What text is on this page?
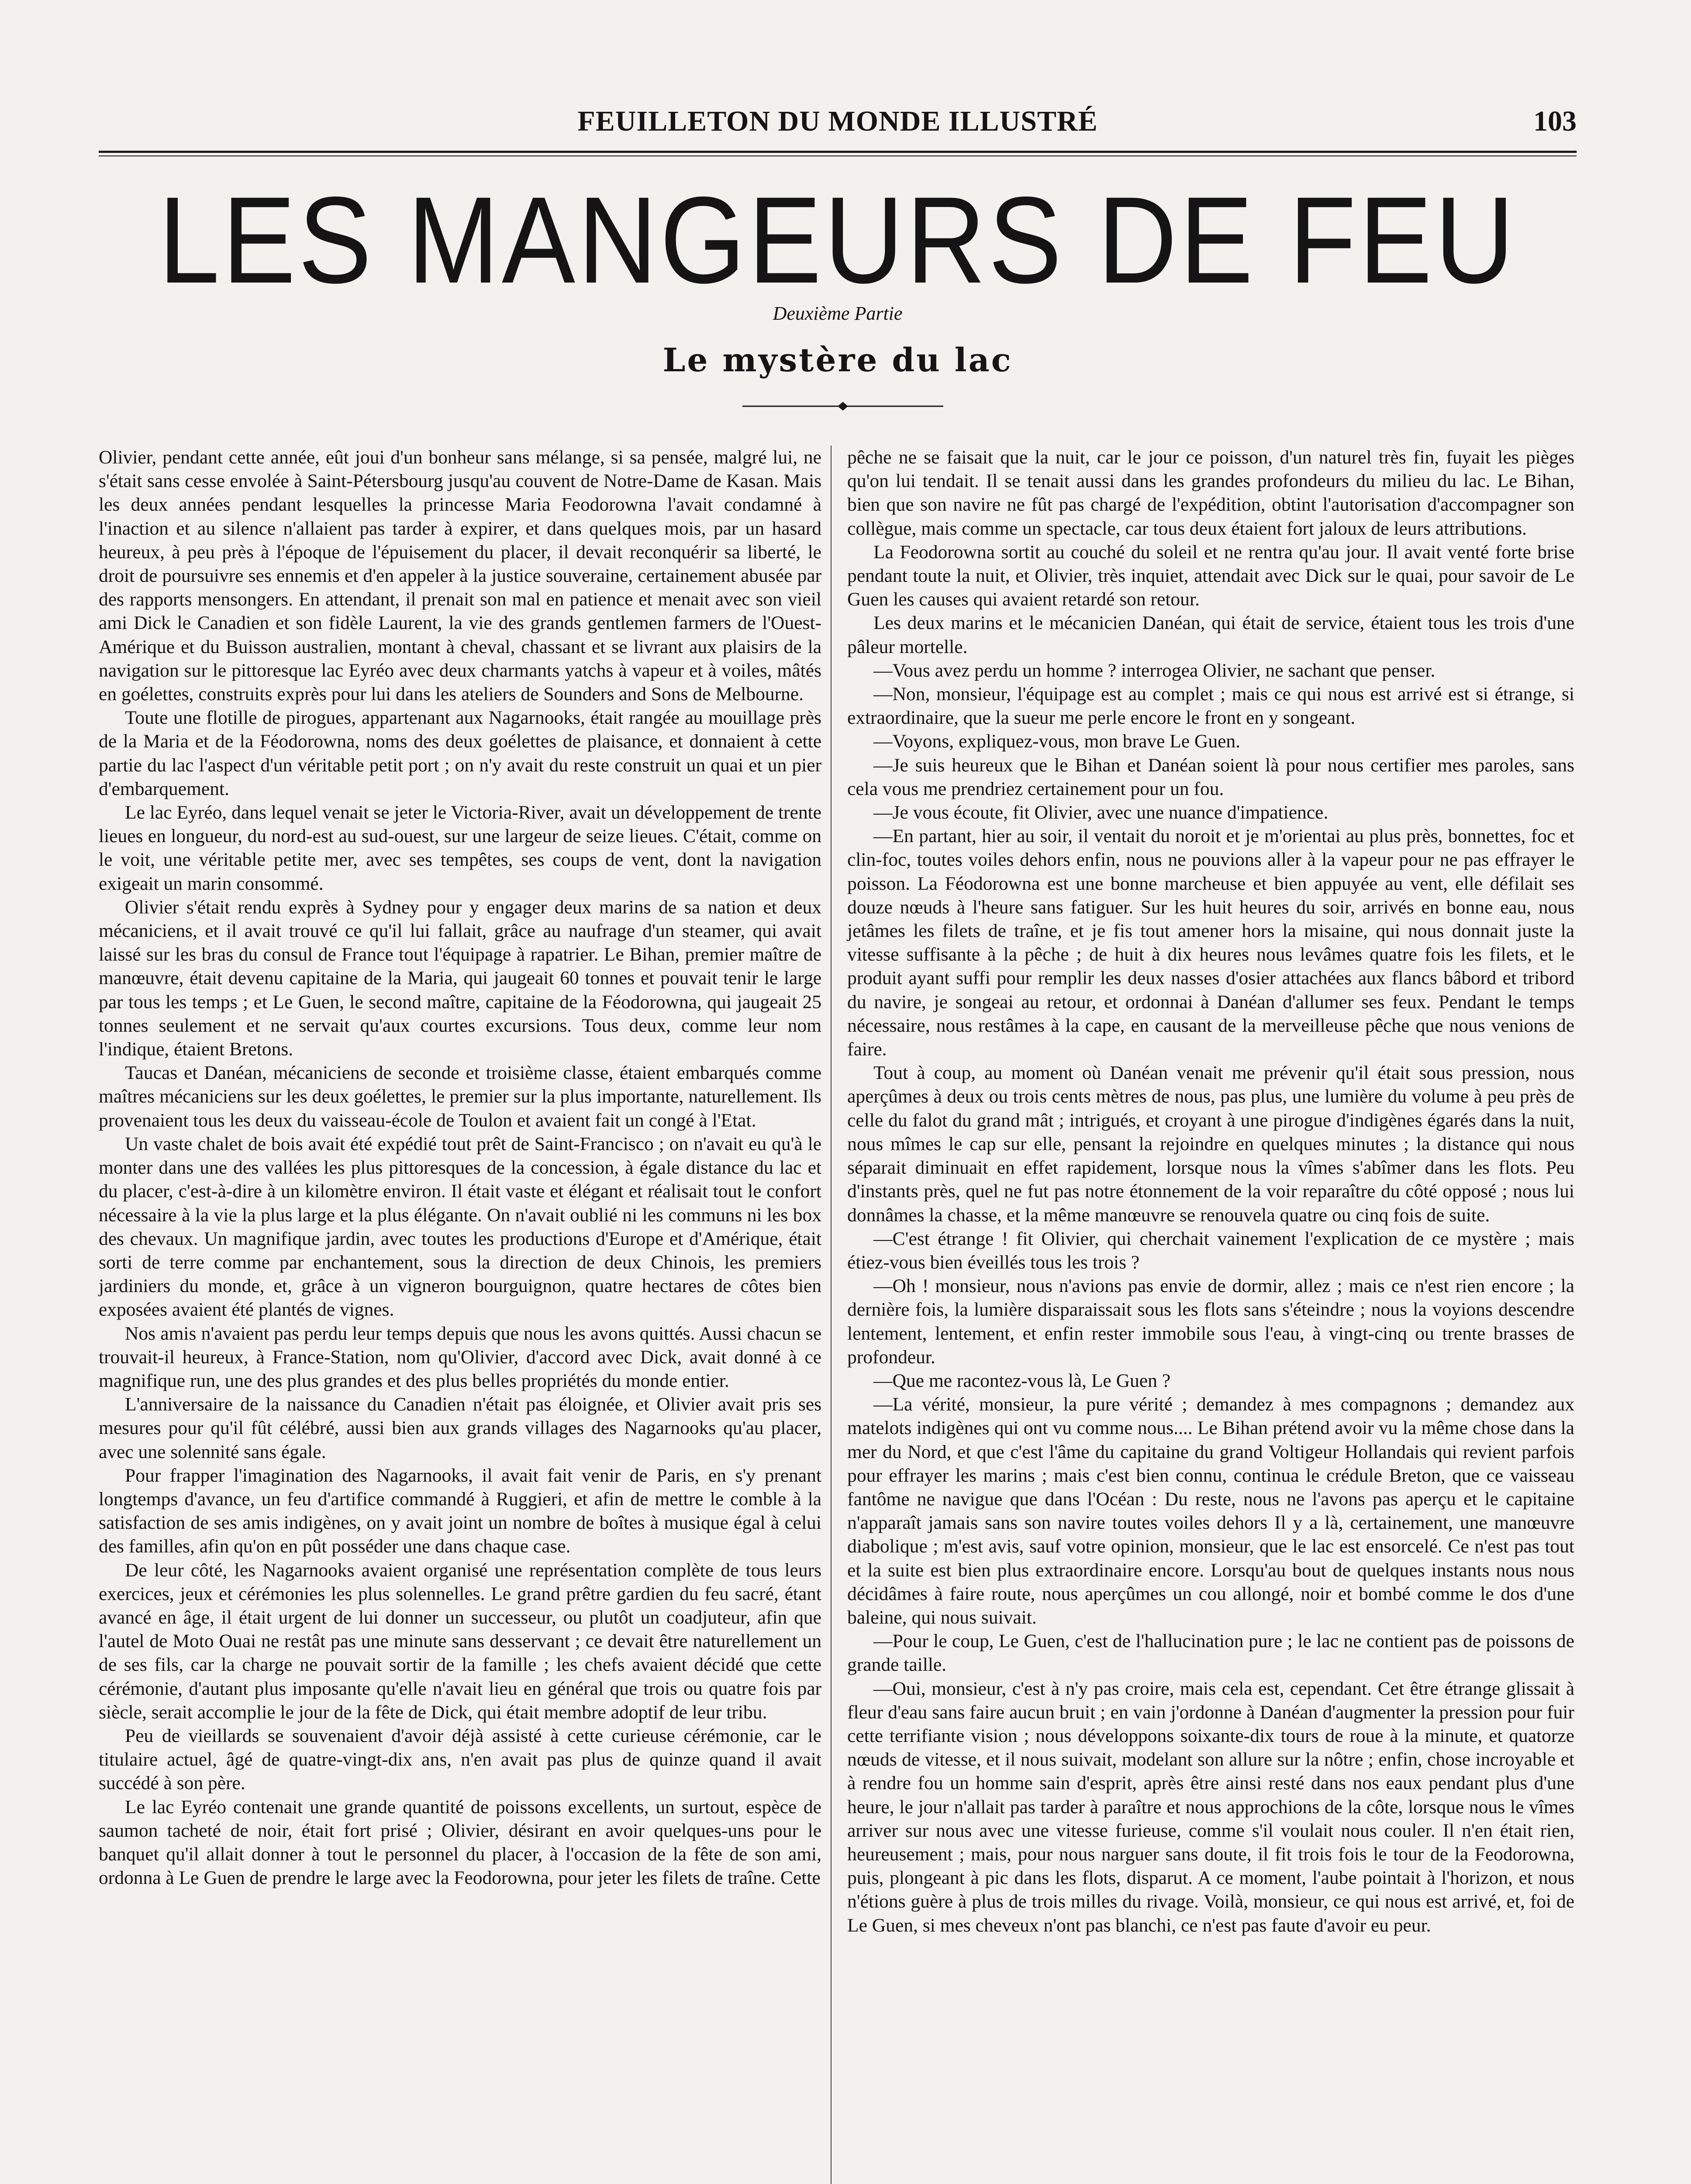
FEUILLETON DU MONDE ILLUSTRÉ	103
LES MANGEURS DE FEU
Deuxième Partie
Le mystère du lac

Olivier, pendant cette année, eût joui d'un bonheur sans mélange, si sa pensée, malgré lui, ne s'était sans cesse envolée à Saint-Pétersbourg jusqu'au couvent de Notre-Dame de Kasan. Mais les deux années pendant lesquelles la princesse Maria Feodorowna l'avait condamné à l'inaction et au silence n'allaient pas tarder à expirer, et dans quelques mois, par un hasard heureux, à peu près à l'époque de l'épuisement du placer, il devait reconquérir sa liberté, le droit de poursuivre ses ennemis et d'en appeler à la justice souveraine, certainement abusée par des rapports mensongers. En attendant, il prenait son mal en patience et menait avec son vieil ami Dick le Canadien et son fidèle Laurent, la vie des grands gentlemen farmers de l'Ouest-Amérique et du Buisson australien, montant à cheval, chassant et se livrant aux plaisirs de la navigation sur le pittoresque lac Eyréo avec deux charmants yatchs à vapeur et à voiles, mâtés en goélettes, construits exprès pour lui dans les ateliers de Sounders and Sons de Melbourne.

Toute une flotille de pirogues, appartenant aux Nagarnooks, était rangée au mouillage près de la Maria et de la Féodorowna, noms des deux goélettes de plaisance, et donnaient à cette partie du lac l'aspect d'un véritable petit port ; on n'y avait du reste construit un quai et un pier d'embarquement.

Le lac Eyréo, dans lequel venait se jeter le Victoria-River, avait un développement de trente lieues en longueur, du nord-est au sud-ouest, sur une largeur de seize lieues. C'était, comme on le voit, une véritable petite mer, avec ses tempêtes, ses coups de vent, dont la navigation exigeait un marin consommé.

Olivier s'était rendu exprès à Sydney pour y engager deux marins de sa nation et deux mécaniciens, et il avait trouvé ce qu'il lui fallait, grâce au naufrage d'un steamer, qui avait laissé sur les bras du consul de France tout l'équipage à rapatrier. Le Bihan, premier maître de manœuvre, était devenu capitaine de la Maria, qui jaugeait 60 tonnes et pouvait tenir le large par tous les temps ; et Le Guen, le second maître, capitaine de la Féodorowna, qui jaugeait 25 tonnes seulement et ne servait qu'aux courtes excursions. Tous deux, comme leur nom l'indique, étaient Bretons.

Taucas et Danéan, mécaniciens de seconde et troisième classe, étaient embarqués comme maîtres mécaniciens sur les deux goélettes, le premier sur la plus importante, naturellement. Ils provenaient tous les deux du vaisseau-école de Toulon et avaient fait un congé à l'Etat.

Un vaste chalet de bois avait été expédié tout prêt de Saint-Francisco ; on n'avait eu qu'à le monter dans une des vallées les plus pittoresques de la concession, à égale distance du lac et du placer, c'est-à-dire à un kilomètre environ. Il était vaste et élégant et réalisait tout le confort nécessaire à la vie la plus large et la plus élégante. On n'avait oublié ni les communs ni les box des chevaux. Un magnifique jardin, avec toutes les productions d'Europe et d'Amérique, était sorti de terre comme par enchantement, sous la direction de deux Chinois, les premiers jardiniers du monde, et, grâce à un vigneron bourguignon, quatre hectares de côtes bien exposées avaient été plantés de vignes.

Nos amis n'avaient pas perdu leur temps depuis que nous les avons quittés. Aussi chacun se trouvait-il heureux, à France-Station, nom qu'Olivier, d'accord avec Dick, avait donné à ce magnifique run, une des plus grandes et des plus belles propriétés du monde entier.

L'anniversaire de la naissance du Canadien n'était pas éloignée, et Olivier avait pris ses mesures pour qu'il fût célébré, aussi bien aux grands villages des Nagarnooks qu'au placer, avec une solennité sans égale.

Pour frapper l'imagination des Nagarnooks, il avait fait venir de Paris, en s'y prenant longtemps d'avance, un feu d'artifice commandé à Ruggieri, et afin de mettre le comble à la satisfaction de ses amis indigènes, on y avait joint un nombre de boîtes à musique égal à celui des familles, afin qu'on en pût posséder une dans chaque case.

De leur côté, les Nagarnooks avaient organisé une représentation complète de tous leurs exercices, jeux et cérémonies les plus solennelles. Le grand prêtre gardien du feu sacré, étant avancé en âge, il était urgent de lui donner un successeur, ou plutôt un coadjuteur, afin que l'autel de Moto Ouai ne restât pas une minute sans desservant ; ce devait être naturellement un de ses fils, car la charge ne pouvait sortir de la famille ; les chefs avaient décidé que cette cérémonie, d'autant plus imposante qu'elle n'avait lieu en général que trois ou quatre fois par siècle, serait accomplie le jour de la fête de Dick, qui était membre adoptif de leur tribu.

Peu de vieillards se souvenaient d'avoir déjà assisté à cette curieuse cérémonie, car le titulaire actuel, âgé de quatre-vingt-dix ans, n'en avait pas plus de quinze quand il avait succédé à son père.

Le lac Eyréo contenait une grande quantité de poissons excellents, un surtout, espèce de saumon tacheté de noir, était fort prisé ; Olivier, désirant en avoir quelques-uns pour le banquet qu'il allait donner à tout le personnel du placer, à l'occasion de la fête de son ami, ordonna à Le Guen de prendre le large avec la Feodorowna, pour jeter les filets de traîne. Cette

pêche ne se faisait que la nuit, car le jour ce poisson, d'un naturel très fin, fuyait les pièges qu'on lui tendait. Il se tenait aussi dans les grandes profondeurs du milieu du lac. Le Bihan, bien que son navire ne fût pas chargé de l'expédition, obtint l'autorisation d'accompagner son collègue, mais comme un spectacle, car tous deux étaient fort jaloux de leurs attributions.

La Feodorowna sortit au couché du soleil et ne rentra qu'au jour. Il avait venté forte brise pendant toute la nuit, et Olivier, très inquiet, attendait avec Dick sur le quai, pour savoir de Le Guen les causes qui avaient retardé son retour.

Les deux marins et le mécanicien Danéan, qui était de service, étaient tous les trois d'une pâleur mortelle.

—Vous avez perdu un homme ? interrogea Olivier, ne sachant que penser.

—Non, monsieur, l'équipage est au complet ; mais ce qui nous est arrivé est si étrange, si extraordinaire, que la sueur me perle encore le front en y songeant.

—Voyons, expliquez-vous, mon brave Le Guen.

—Je suis heureux que le Bihan et Danéan soient là pour nous certifier mes paroles, sans cela vous me prendriez certainement pour un fou.

—Je vous écoute, fit Olivier, avec une nuance d'impatience.

—En partant, hier au soir, il ventait du noroit et je m'orientai au plus près, bonnettes, foc et clin-foc, toutes voiles dehors enfin, nous ne pouvions aller à la vapeur pour ne pas effrayer le poisson. La Féodorowna est une bonne marcheuse et bien appuyée au vent, elle défilait ses douze nœuds à l'heure sans fatiguer. Sur les huit heures du soir, arrivés en bonne eau, nous jetâmes les filets de traîne, et je fis tout amener hors la misaine, qui nous donnait juste la vitesse suffisante à la pêche ; de huit à dix heures nous levâmes quatre fois les filets, et le produit ayant suffi pour remplir les deux nasses d'osier attachées aux flancs bâbord et tribord du navire, je songeai au retour, et ordonnai à Danéan d'allumer ses feux. Pendant le temps nécessaire, nous restâmes à la cape, en causant de la merveilleuse pêche que nous venions de faire.

Tout à coup, au moment où Danéan venait me prévenir qu'il était sous pression, nous aperçûmes à deux ou trois cents mètres de nous, pas plus, une lumière du volume à peu près de celle du falot du grand mât ; intrigués, et croyant à une pirogue d'indigènes égarés dans la nuit, nous mîmes le cap sur elle, pensant la rejoindre en quelques minutes ; la distance qui nous séparait diminuait en effet rapidement, lorsque nous la vîmes s'abîmer dans les flots. Peu d'instants près, quel ne fut pas notre étonnement de la voir reparaître du côté opposé ; nous lui donnâmes la chasse, et la même manœuvre se renouvela quatre ou cinq fois de suite.

—C'est étrange ! fit Olivier, qui cherchait vainement l'explication de ce mystère ; mais étiez-vous bien éveillés tous les trois ?

—Oh ! monsieur, nous n'avions pas envie de dormir, allez ; mais ce n'est rien encore ; la dernière fois, la lumière disparaissait sous les flots sans s'éteindre ; nous la voyions descendre lentement, lentement, et enfin rester immobile sous l'eau, à vingt-cinq ou trente brasses de profondeur.

—Que me racontez-vous là, Le Guen ?

—La vérité, monsieur, la pure vérité ; demandez à mes compagnons ; demandez aux matelots indigènes qui ont vu comme nous.... Le Bihan prétend avoir vu la même chose dans la mer du Nord, et que c'est l'âme du capitaine du grand Voltigeur Hollandais qui revient parfois pour effrayer les marins ; mais c'est bien connu, continua le crédule Breton, que ce vaisseau fantôme ne navigue que dans l'Océan : Du reste, nous ne l'avons pas aperçu et le capitaine n'apparaît jamais sans son navire toutes voiles dehors Il y a là, certainement, une manœuvre diabolique ; m'est avis, sauf votre opinion, monsieur, que le lac est ensorcelé. Ce n'est pas tout et la suite est bien plus extraordinaire encore. Lorsqu'au bout de quelques instants nous nous décidâmes à faire route, nous aperçûmes un cou allongé, noir et bombé comme le dos d'une baleine, qui nous suivait.

—Pour le coup, Le Guen, c'est de l'hallucination pure ; le lac ne contient pas de poissons de grande taille.

—Oui, monsieur, c'est à n'y pas croire, mais cela est, cependant. Cet être étrange glissait à fleur d'eau sans faire aucun bruit ; en vain j'ordonne à Danéan d'augmenter la pression pour fuir cette terrifiante vision ; nous développons soixante-dix tours de roue à la minute, et quatorze nœuds de vitesse, et il nous suivait, modelant son allure sur la nôtre ; enfin, chose incroyable et à rendre fou un homme sain d'esprit, après être ainsi resté dans nos eaux pendant plus d'une heure, le jour n'allait pas tarder à paraître et nous approchions de la côte, lorsque nous le vîmes arriver sur nous avec une vitesse furieuse, comme s'il voulait nous couler. Il n'en était rien, heureusement ; mais, pour nous narguer sans doute, il fit trois fois le tour de la Feodorowna, puis, plongeant à pic dans les flots, disparut. A ce moment, l'aube pointait à l'horizon, et nous n'étions guère à plus de trois milles du rivage. Voilà, monsieur, ce qui nous est arrivé, et, foi de Le Guen, si mes cheveux n'ont pas blanchi, ce n'est pas faute d'avoir eu peur.
